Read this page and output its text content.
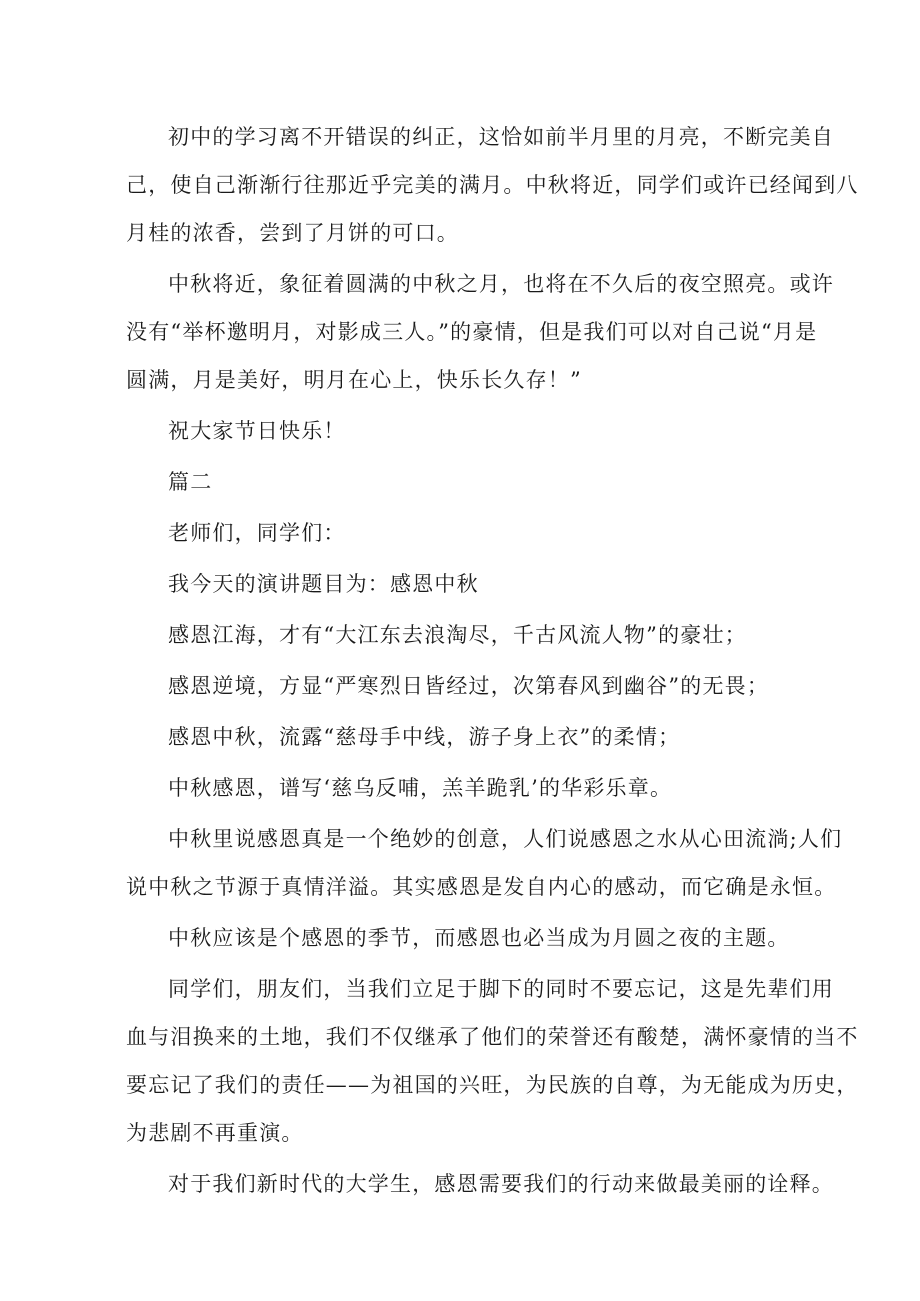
初中的学习离不开错误的纠正，这恰如前半月里的月亮，不断完美自
己，使自己渐渐行往那近乎完美的满月。中秋将近，同学们或许已经闻到八
月桂的浓香，尝到了月饼的可口。
中秋将近，象征着圆满的中秋之月，也将在不久后的夜空照亮。或许
没有“举杯邀明月，对影成三人。”的豪情，但是我们可以对自己说“月是
圆满，月是美好，明月在心上，快乐长久存！”
祝大家节日快乐！
篇二
老师们，同学们：
我今天的演讲题目为：感恩中秋
感恩江海，才有“大江东去浪淘尽，千古风流人物”的豪壮；
感恩逆境，方显“严寒烈日皆经过，次第春风到幽谷”的无畏；
感恩中秋，流露“慈母手中线，游子身上衣”的柔情；
中秋感恩，谱写‘慈乌反哺，羔羊跪乳’的华彩乐章。
中秋里说感恩真是一个绝妙的创意，人们说感恩之水从心田流淌;人们
说中秋之节源于真情洋溢。其实感恩是发自内心的感动，而它确是永恒。
中秋应该是个感恩的季节，而感恩也必当成为月圆之夜的主题。
同学们，朋友们，当我们立足于脚下的同时不要忘记，这是先辈们用
血与泪换来的土地，我们不仅继承了他们的荣誉还有酸楚，满怀豪情的当不
要忘记了我们的责任——为祖国的兴旺，为民族的自尊，为无能成为历史，
为悲剧不再重演。
对于我们新时代的大学生，感恩需要我们的行动来做最美丽的诠释。
